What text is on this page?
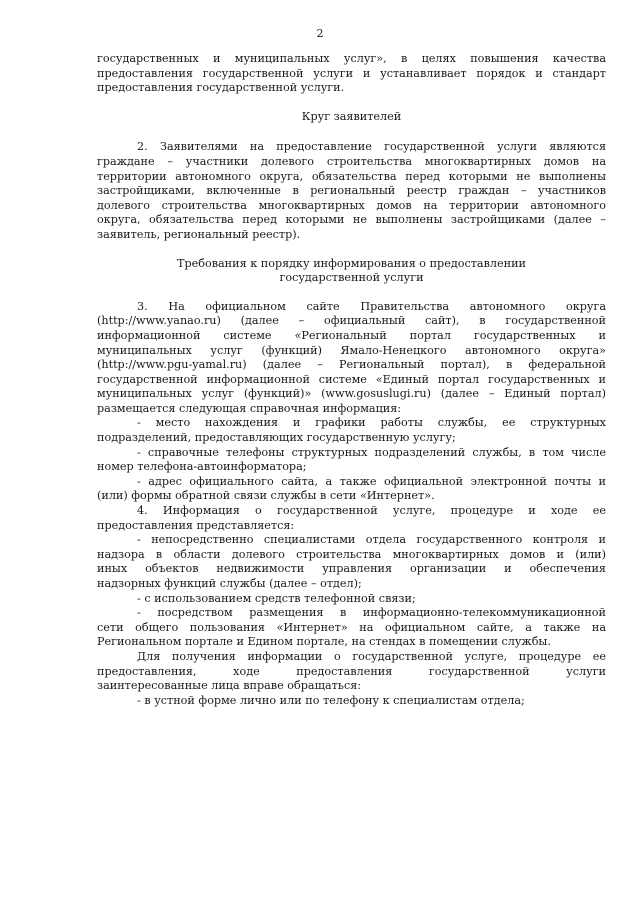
2
государственных и муниципальных услуг», в целях повышения качества
предоставления государственной услуги и устанавливает порядок и стандарт
предоставления государственной услуги.
Круг заявителей
2. Заявителями на предоставление государственной услуги являются
граждане – участники долевого строительства многоквартирных домов на
территории автономного округа, обязательства перед которыми не выполнены
застройщиками, включенные в региональный реестр граждан – участников
долевого строительства многоквартирных домов на территории автономного
округа, обязательства перед которыми не выполнены застройщиками (далее –
заявитель, региональный реестр).
Требования к порядку информирования о предоставлении
государственной услуги
3. На официальном сайте Правительства автономного округа
(http://www.yanao.ru) (далее – официальный сайт), в государственной
информационной системе «Региональный портал государственных и
муниципальных услуг (функций) Ямало-Ненецкого автономного округа»
(http://www.pgu-yamal.ru) (далее – Региональный портал), в федеральной
государственной информационной системе «Единый портал государственных и
муниципальных услуг (функций)» (www.gosuslugi.ru) (далее – Единый портал)
размещается следующая справочная информация:
- место нахождения и графики работы службы, ее структурных
подразделений, предоставляющих государственную услугу;
- справочные телефоны структурных подразделений службы, в том числе
номер телефона-автоинформатора;
- адрес официального сайта, а также официальной электронной почты и
(или) формы обратной связи службы в сети «Интернет».
4. Информация о государственной услуге, процедуре и ходе ее
предоставления представляется:
- непосредственно специалистами отдела государственного контроля и
надзора в области долевого строительства многоквартирных домов и (или)
иных объектов недвижимости управления организации и обеспечения
надзорных функций службы (далее – отдел);
- с использованием средств телефонной связи;
- посредством размещения в информационно-телекоммуникационной
сети общего пользования «Интернет» на официальном сайте, а также на
Региональном портале и Едином портале, на стендах в помещении службы.
Для получения информации о государственной услуге, процедуре ее
предоставления, ходе предоставления государственной услуги
заинтересованные лица вправе обращаться:
- в устной форме лично или по телефону к специалистам отдела;
